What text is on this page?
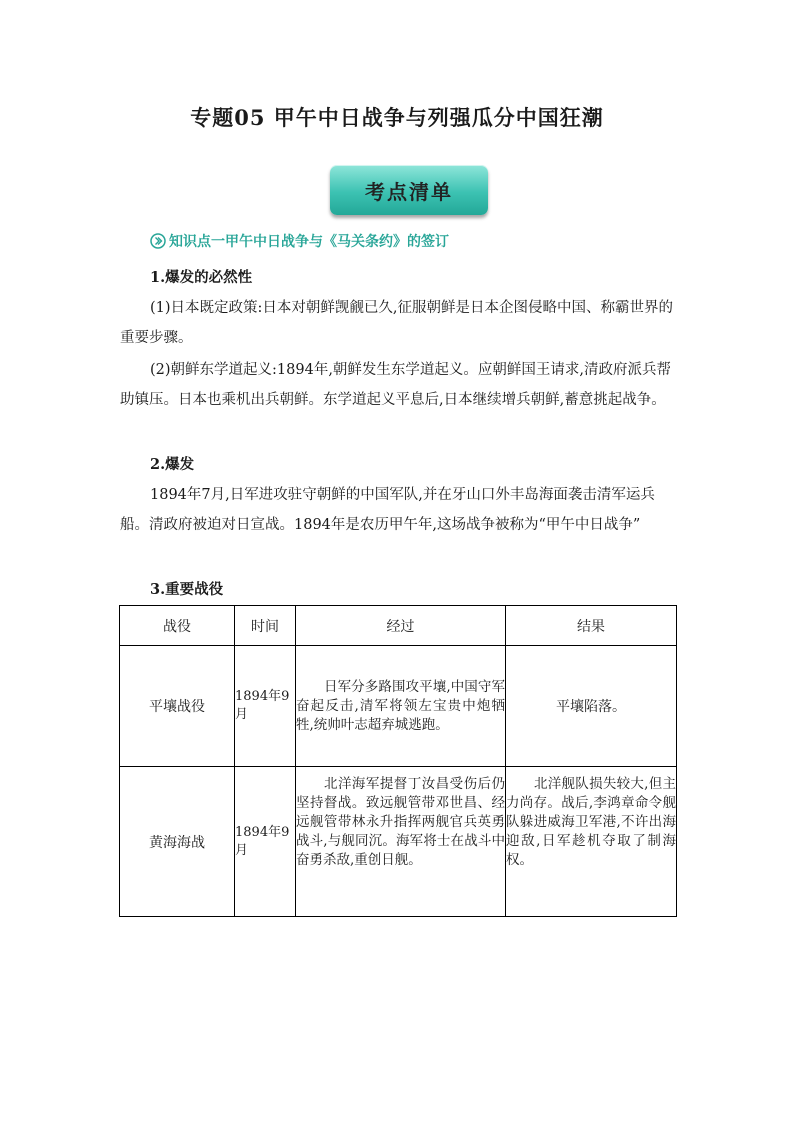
专题05 甲午中日战争与列强瓜分中国狂潮
考点清单
知识点一甲午中日战争与《马关条约》的签订
1.爆发的必然性
(1)日本既定政策:日本对朝鲜觊觎已久,征服朝鲜是日本企图侵略中国、称霸世界的重要步骤。
(2)朝鲜东学道起义:1894年,朝鲜发生东学道起义。应朝鲜国王请求,清政府派兵帮助镇压。日本也乘机出兵朝鲜。东学道起义平息后,日本继续增兵朝鲜,蓄意挑起战争。
2.爆发
1894年7月,日军进攻驻守朝鲜的中国军队,并在牙山口外丰岛海面袭击清军运兵船。清政府被迫对日宣战。1894年是农历甲午年,这场战争被称为“甲午中日战争”
3.重要战役
战役	时间	经过	结果
平壤战役	1894年9月	日军分多路围攻平壤,中国守军奋起反击,清军将领左宝贵中炮牺牲,统帅叶志超弃城逃跑。	平壤陷落。
黄海海战	1894年9月	北洋海军提督丁汝昌受伤后仍坚持督战。致远舰管带邓世昌、经远舰管带林永升指挥两舰官兵英勇战斗,与舰同沉。海军将士在战斗中奋勇杀敌,重创日舰。	北洋舰队损失较大,但主力尚存。战后,李鸿章命令舰队躲进威海卫军港,不许出海迎敌,日军趁机夺取了制海权。
